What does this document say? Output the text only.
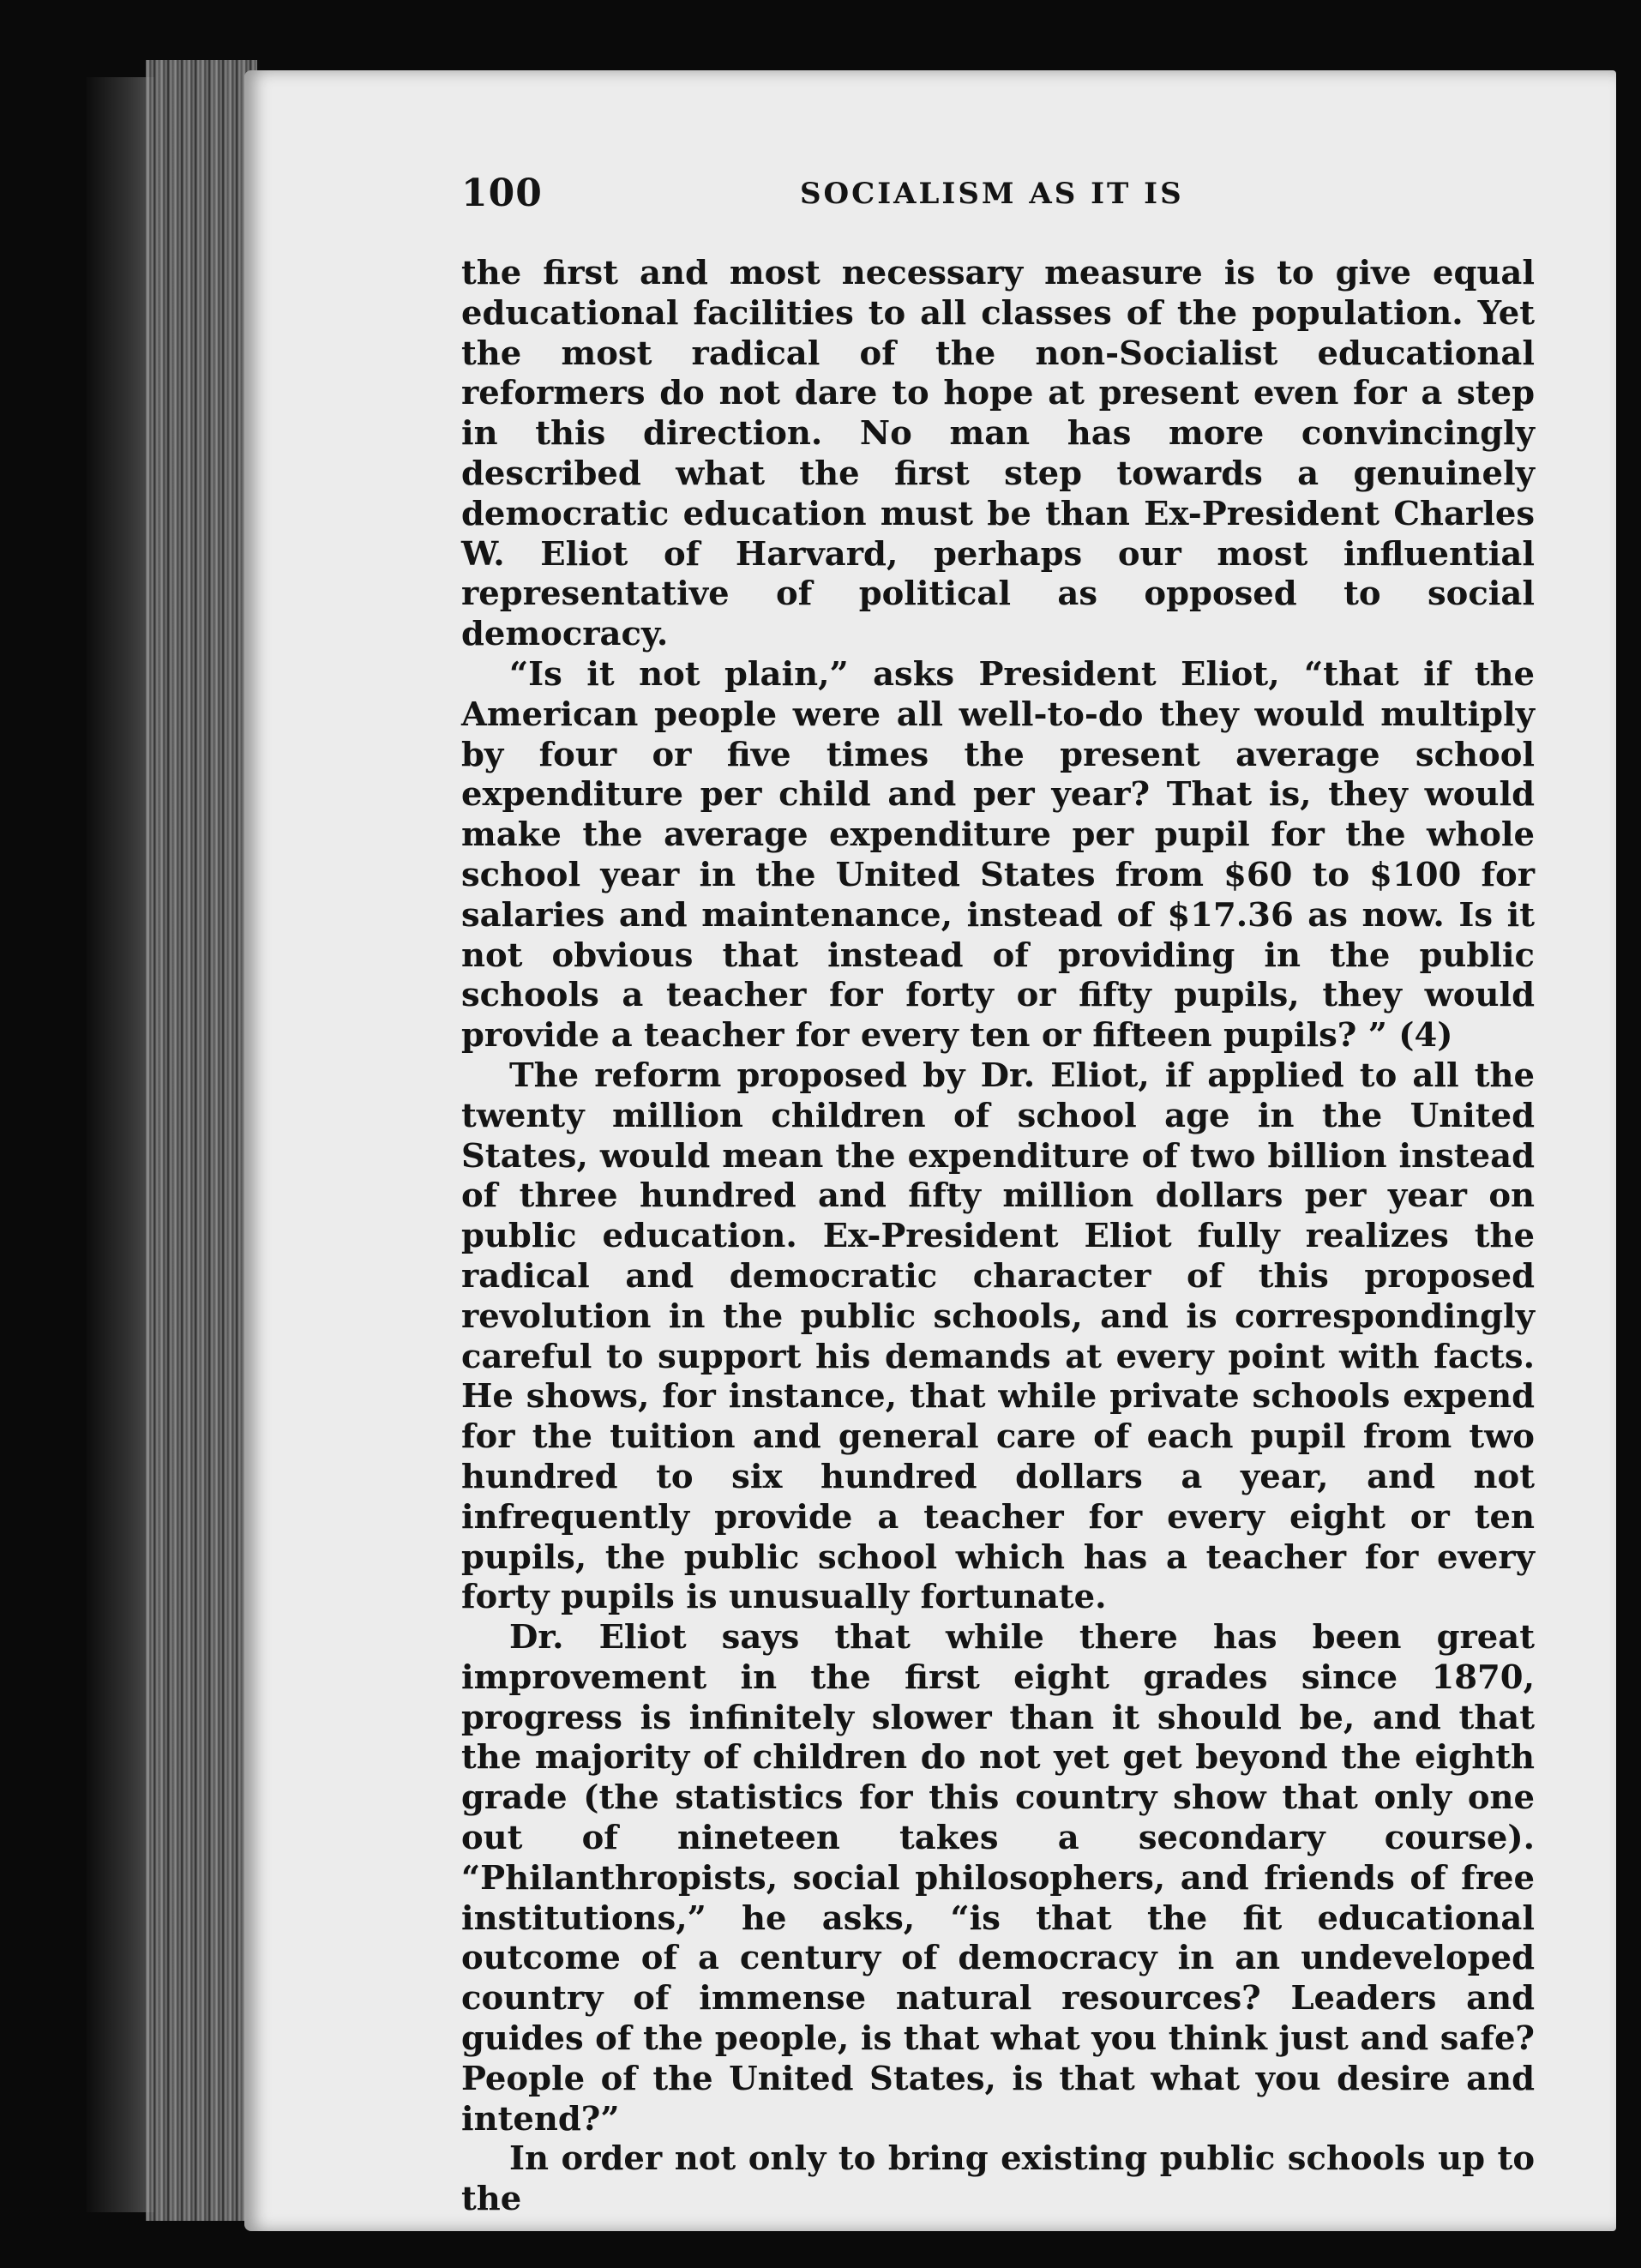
100	SOCIALISM AS IT IS

the first and most necessary measure is to give equal educational facilities to all classes of the population. Yet the most radical of the non-Socialist educational reformers do not dare to hope at present even for a step in this direction. No man has more convincingly described what the first step towards a genuinely democratic education must be than Ex-President Charles W. Eliot of Harvard, perhaps our most influential representative of political as opposed to social democracy.

“Is it not plain,” asks President Eliot, “that if the American people were all well-to-do they would multiply by four or five times the present average school expenditure per child and per year? That is, they would make the average expenditure per pupil for the whole school year in the United States from $60 to $100 for salaries and maintenance, instead of $17.36 as now. Is it not obvious that instead of providing in the public schools a teacher for forty or fifty pupils, they would provide a teacher for every ten or fifteen pupils? ” (4)

The reform proposed by Dr. Eliot, if applied to all the twenty million children of school age in the United States, would mean the expenditure of two billion instead of three hundred and fifty million dollars per year on public education. Ex-President Eliot fully realizes the radical and democratic character of this proposed revolution in the public schools, and is correspondingly careful to support his demands at every point with facts. He shows, for instance, that while private schools expend for the tuition and general care of each pupil from two hundred to six hundred dollars a year, and not infrequently provide a teacher for every eight or ten pupils, the public school which has a teacher for every forty pupils is unusually fortunate.

Dr. Eliot says that while there has been great improvement in the first eight grades since 1870, progress is infinitely slower than it should be, and that the majority of children do not yet get beyond the eighth grade (the statistics for this country show that only one out of nineteen takes a secondary course). “Philanthropists, social philosophers, and friends of free institutions,” he asks, “is that the fit educational outcome of a century of democracy in an undeveloped country of immense natural resources? Leaders and guides of the people, is that what you think just and safe? People of the United States, is that what you desire and intend?”

In order not only to bring existing public schools up to the
